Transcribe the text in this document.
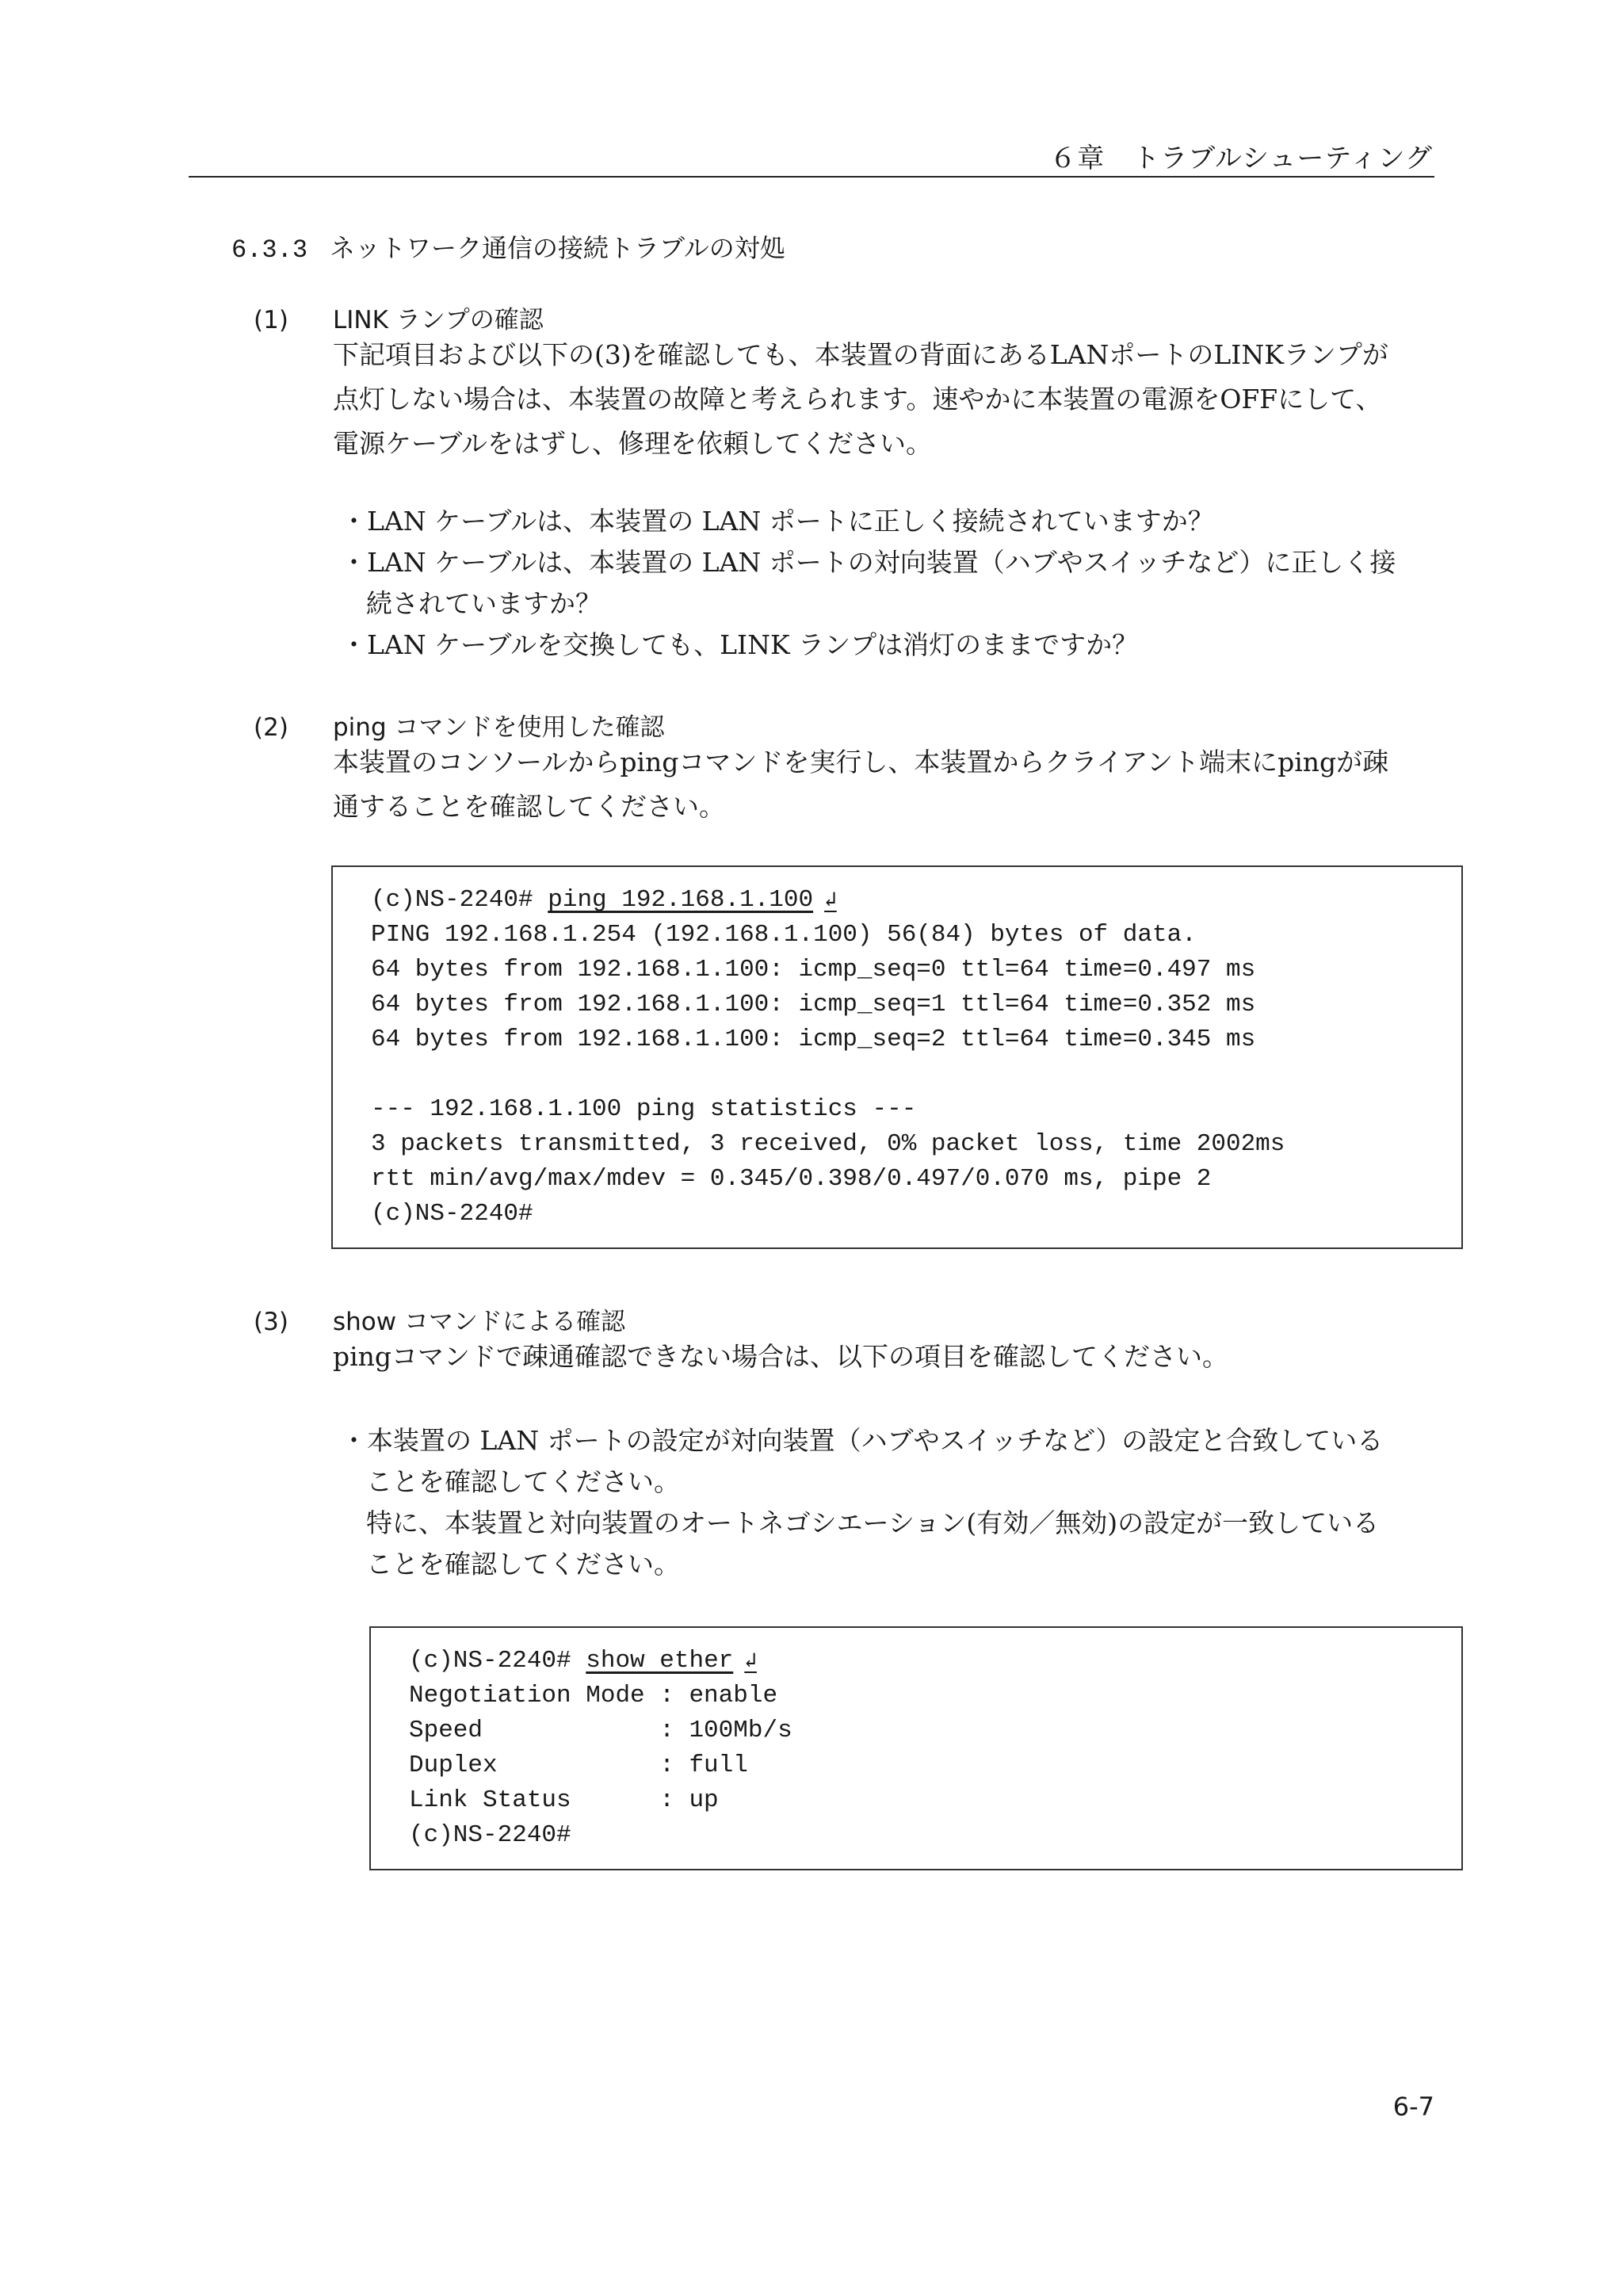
６章　トラブルシューティング
6.3.3 ネットワーク通信の接続トラブルの対処
(1) LINK ランプの確認
下記項目および以下の(3)を確認しても、本装置の背面にあるLANポートのLINKランプが
点灯しない場合は、本装置の故障と考えられます。速やかに本装置の電源をOFFにして、
電源ケーブルをはずし、修理を依頼してください。
・LAN ケーブルは、本装置の LAN ポートに正しく接続されていますか？
・LAN ケーブルは、本装置の LAN ポートの対向装置（ハブやスイッチなど）に正しく接
続されていますか？
・LAN ケーブルを交換しても、LINK ランプは消灯のままですか？
(2) ping コマンドを使用した確認
本装置のコンソールからpingコマンドを実行し、本装置からクライアント端末にpingが疎
通することを確認してください。
(c)NS-2240# ping 192.168.1.100 ↲
PING 192.168.1.254 (192.168.1.100) 56(84) bytes of data.
64 bytes from 192.168.1.100: icmp_seq=0 ttl=64 time=0.497 ms
64 bytes from 192.168.1.100: icmp_seq=1 ttl=64 time=0.352 ms
64 bytes from 192.168.1.100: icmp_seq=2 ttl=64 time=0.345 ms
--- 192.168.1.100 ping statistics ---
3 packets transmitted, 3 received, 0% packet loss, time 2002ms
rtt min/avg/max/mdev = 0.345/0.398/0.497/0.070 ms, pipe 2
(c)NS-2240#
(3) show コマンドによる確認
pingコマンドで疎通確認できない場合は、以下の項目を確認してください。
・本装置の LAN ポートの設定が対向装置（ハブやスイッチなど）の設定と合致している
ことを確認してください。
特に、本装置と対向装置のオートネゴシエーション(有効／無効)の設定が一致している
ことを確認してください。
(c)NS-2240# show ether ↲
Negotiation Mode : enable
Speed            : 100Mb/s
Duplex           : full
Link Status      : up
(c)NS-2240#
6-7
